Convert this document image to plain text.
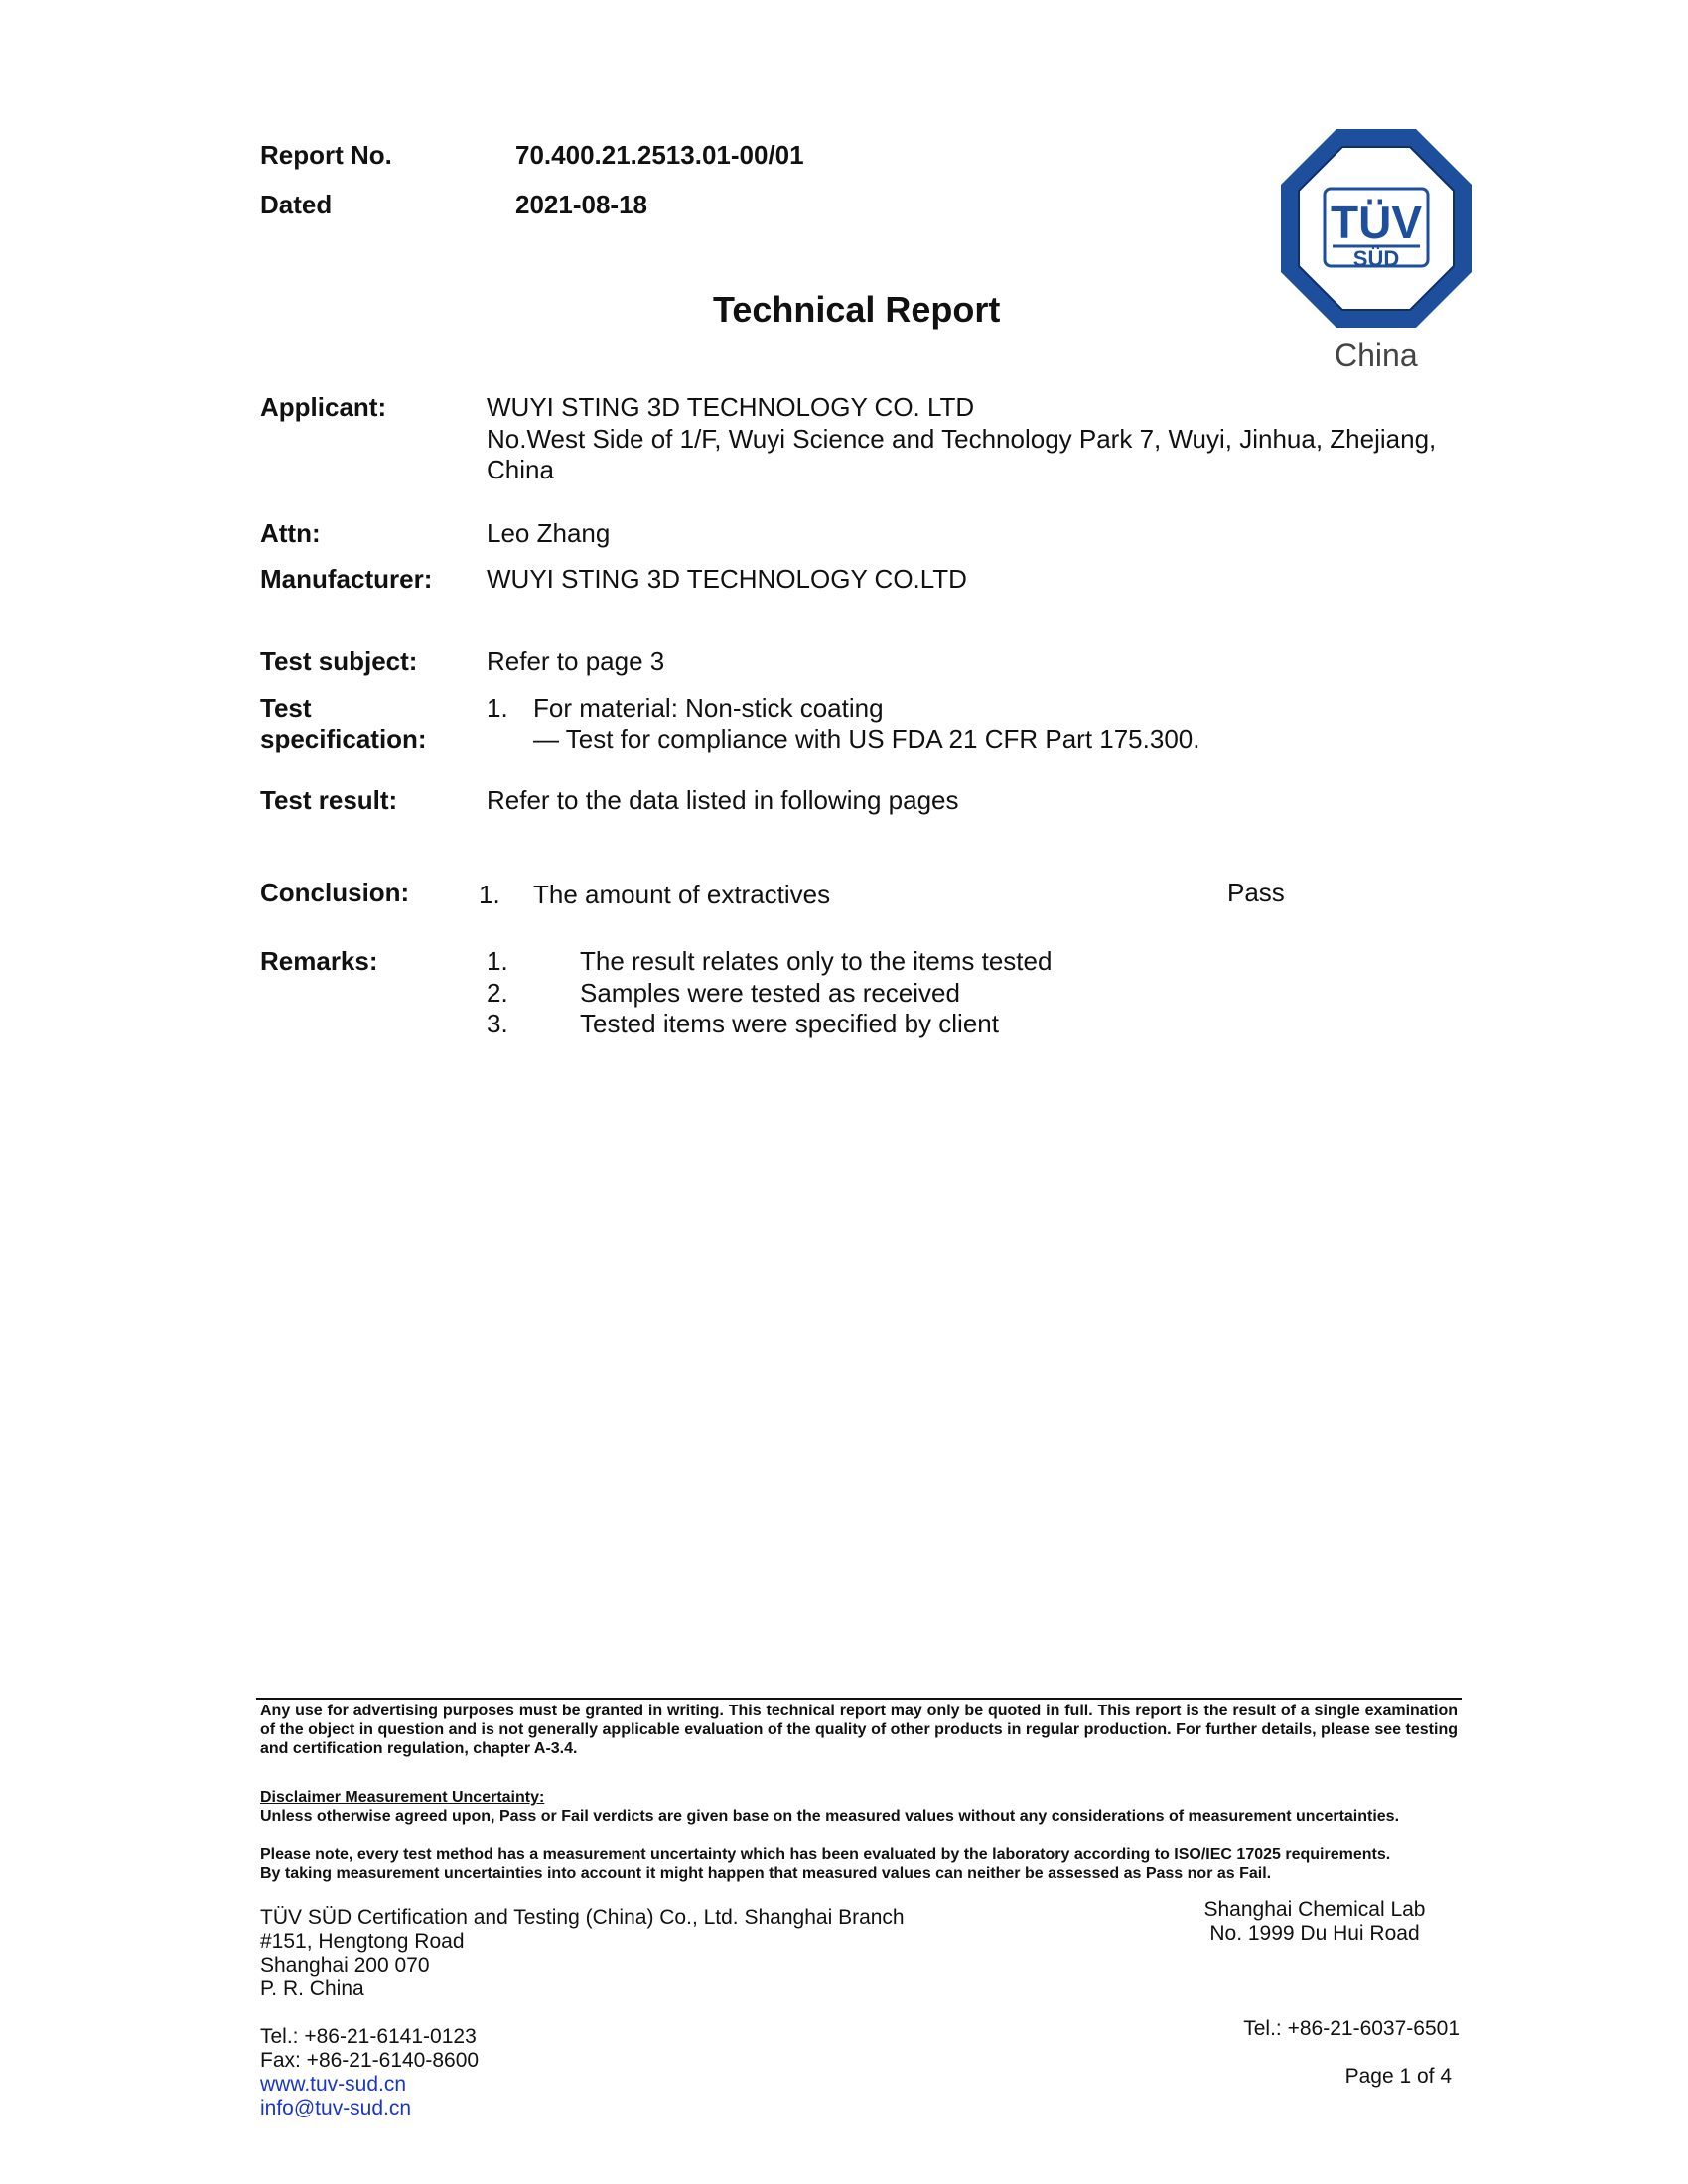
Report No.	70.400.21.2513.01-00/01
Dated	2021-08-18
Technical Report
TÜV
SÜD
China
Applicant:	WUYI STING 3D TECHNOLOGY CO. LTD
No.West Side of 1/F, Wuyi Science and Technology Park 7, Wuyi, Jinhua, Zhejiang,
China
Attn:	Leo Zhang
Manufacturer: WUYI STING 3D TECHNOLOGY CO.LTD
Test subject:	Refer to page 3
Test
specification:
1. For material: Non-stick coating
— Test for compliance with US FDA 21 CFR Part 175.300.
Test result:	Refer to the data listed in following pages
Conclusion:	1. The amount of extractives	Pass
Remarks:	1.	The result relates only to the items tested
2.	Samples were tested as received
3.	Tested items were specified by client
Any use for advertising purposes must be granted in writing. This technical report may only be quoted in full. This report is the result of a single examination of the object in question and is not generally applicable evaluation of the quality of other products in regular production. For further details, please see testing and certification regulation, chapter A-3.4.
Disclaimer Measurement Uncertainty:
Unless otherwise agreed upon, Pass or Fail verdicts are given base on the measured values without any considerations of measurement uncertainties.
Please note, every test method has a measurement uncertainty which has been evaluated by the laboratory according to ISO/IEC 17025 requirements.
By taking measurement uncertainties into account it might happen that measured values can neither be assessed as Pass nor as Fail.
TÜV SÜD Certification and Testing (China) Co., Ltd. Shanghai Branch
#151, Hengtong Road
Shanghai 200 070
P. R. China
Tel.: +86-21-6141-0123
Fax: +86-21-6140-8600
www.tuv-sud.cn
info@tuv-sud.cn
Shanghai Chemical Lab
No. 1999 Du Hui Road
Tel.: +86-21-6037-6501
Page 1 of 4
